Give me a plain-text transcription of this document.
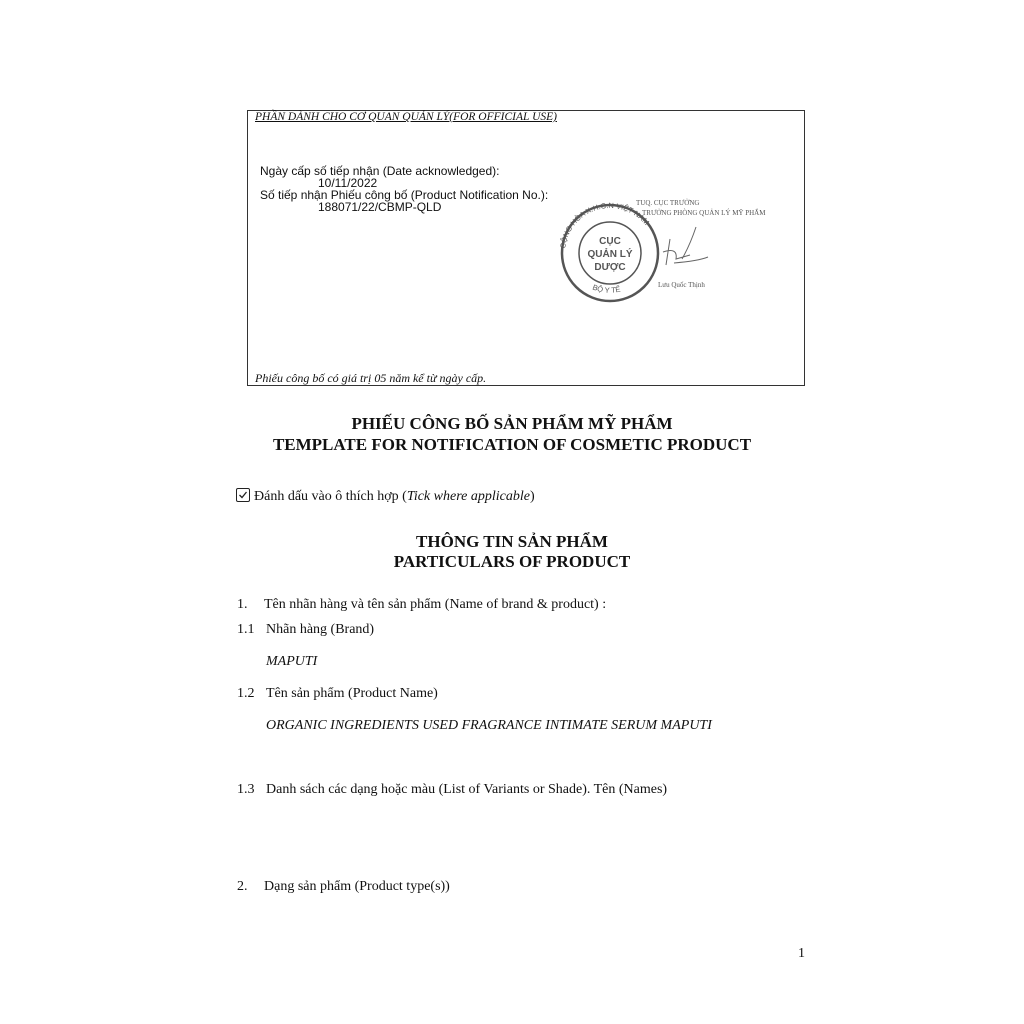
PHẦN DÀNH CHO CƠ QUAN QUẢN LÝ(FOR OFFICIAL USE)
Ngày cấp số tiếp nhận (Date acknowledged):
10/11/2022
Số tiếp nhận Phiếu công bố (Product Notification No.):
188071/22/CBMP-QLD
CỘNG HÒA X.H.C.N VIỆT NAM
BỘ Y TẾ
CỤC
QUẢN LÝ
DƯỢC
TUQ. CỤC TRƯỞNG
TRƯỞNG PHÒNG QUẢN LÝ MỸ PHẨM
Lưu Quốc Thịnh
Phiếu công bố có giá trị 05 năm kể từ ngày cấp.
PHIẾU CÔNG BỐ SẢN PHẨM MỸ PHẨM
TEMPLATE FOR NOTIFICATION OF COSMETIC PRODUCT
Đánh dấu vào ô thích hợp (Tick where applicable)
THÔNG TIN SẢN PHẨM
PARTICULARS OF PRODUCT
1. Tên nhãn hàng và tên sản phẩm (Name of brand & product) :
1.1 Nhãn hàng (Brand)
MAPUTI
1.2 Tên sản phẩm (Product Name)
ORGANIC INGREDIENTS USED FRAGRANCE INTIMATE SERUM MAPUTI
1.3 Danh sách các dạng hoặc màu (List of Variants or Shade). Tên (Names)
2. Dạng sản phẩm (Product type(s))
1
